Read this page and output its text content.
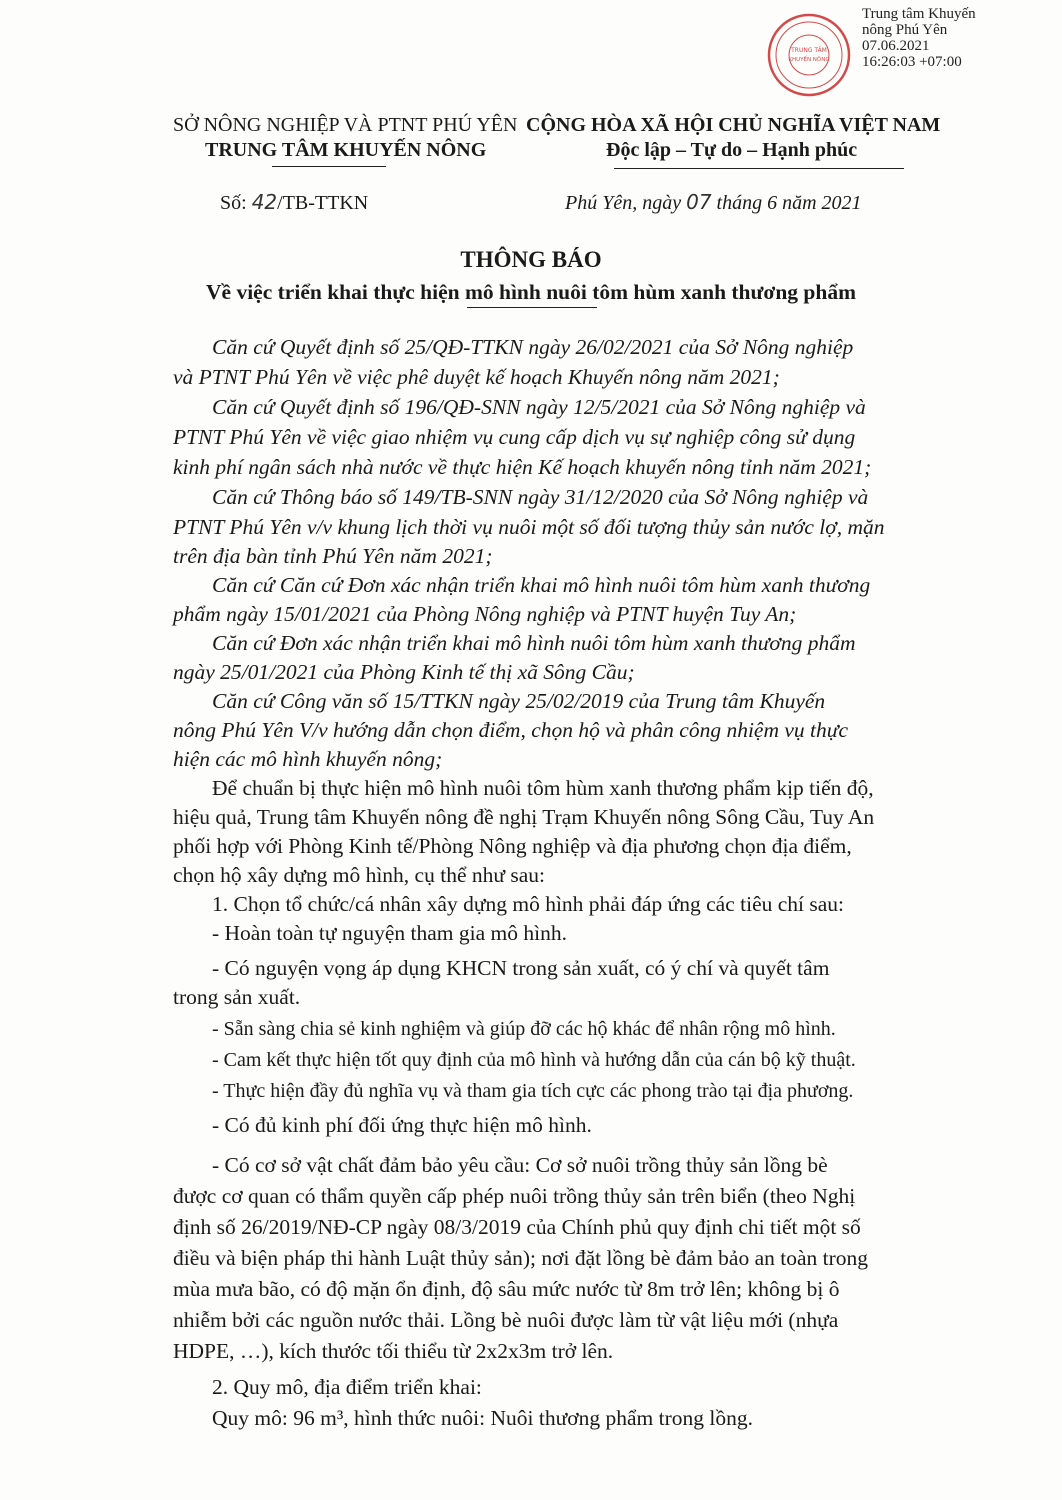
TRUNG TÂM
KHUYẾN NÔNG
Trung tâm Khuyến
nông Phú Yên
07.06.2021
16:26:03 +07:00
SỞ NÔNG NGHIỆP VÀ PTNT PHÚ YÊN CỘNG HÒA XÃ HỘI CHỦ NGHĨA VIỆT NAM
TRUNG TÂM KHUYẾN NÔNG	Độc lập – Tự do – Hạnh phúc
Số: 42/TB-TTKN	Phú Yên, ngày 07 tháng 6 năm 2021
THÔNG BÁO
Về việc triển khai thực hiện mô hình nuôi tôm hùm xanh thương phẩm
Căn cứ Quyết định số 25/QĐ-TTKN ngày 26/02/2021 của Sở Nông nghiệp
và PTNT Phú Yên về việc phê duyệt kế hoạch Khuyến nông năm 2021;
Căn cứ Quyết định số 196/QĐ-SNN ngày 12/5/2021 của Sở Nông nghiệp và
PTNT Phú Yên về việc giao nhiệm vụ cung cấp dịch vụ sự nghiệp công sử dụng
kinh phí ngân sách nhà nước về thực hiện Kế hoạch khuyến nông tỉnh năm 2021;
Căn cứ Thông báo số 149/TB-SNN ngày 31/12/2020 của Sở Nông nghiệp và
PTNT Phú Yên v/v khung lịch thời vụ nuôi một số đối tượng thủy sản nước lợ, mặn
trên địa bàn tỉnh Phú Yên năm 2021;
Căn cứ Căn cứ Đơn xác nhận triển khai mô hình nuôi tôm hùm xanh thương
phẩm ngày 15/01/2021 của Phòng Nông nghiệp và PTNT huyện Tuy An;
Căn cứ Đơn xác nhận triển khai mô hình nuôi tôm hùm xanh thương phẩm
ngày 25/01/2021 của Phòng Kinh tế thị xã Sông Cầu;
Căn cứ Công văn số 15/TTKN ngày 25/02/2019 của Trung tâm Khuyến
nông Phú Yên V/v hướng dẫn chọn điểm, chọn hộ và phân công nhiệm vụ thực
hiện các mô hình khuyến nông;
Để chuẩn bị thực hiện mô hình nuôi tôm hùm xanh thương phẩm kịp tiến độ,
hiệu quả, Trung tâm Khuyến nông đề nghị Trạm Khuyến nông Sông Cầu, Tuy An
phối hợp với Phòng Kinh tế/Phòng Nông nghiệp và địa phương chọn địa điểm,
chọn hộ xây dựng mô hình, cụ thể như sau:
1. Chọn tổ chức/cá nhân xây dựng mô hình phải đáp ứng các tiêu chí sau:
- Hoàn toàn tự nguyện tham gia mô hình.
- Có nguyện vọng áp dụng KHCN trong sản xuất, có ý chí và quyết tâm
trong sản xuất.
- Sẵn sàng chia sẻ kinh nghiệm và giúp đỡ các hộ khác để nhân rộng mô hình.
- Cam kết thực hiện tốt quy định của mô hình và hướng dẫn của cán bộ kỹ thuật.
- Thực hiện đầy đủ nghĩa vụ và tham gia tích cực các phong trào tại địa phương.
- Có đủ kinh phí đối ứng thực hiện mô hình.
- Có cơ sở vật chất đảm bảo yêu cầu: Cơ sở nuôi trồng thủy sản lồng bè
được cơ quan có thẩm quyền cấp phép nuôi trồng thủy sản trên biển (theo Nghị
định số 26/2019/NĐ-CP ngày 08/3/2019 của Chính phủ quy định chi tiết một số
điều và biện pháp thi hành Luật thủy sản); nơi đặt lồng bè đảm bảo an toàn trong
mùa mưa bão, có độ mặn ổn định, độ sâu mức nước từ 8m trở lên; không bị ô
nhiễm bởi các nguồn nước thải. Lồng bè nuôi được làm từ vật liệu mới (nhựa
HDPE, …), kích thước tối thiểu từ 2x2x3m trở lên.
2. Quy mô, địa điểm triển khai:
Quy mô: 96 m³, hình thức nuôi: Nuôi thương phẩm trong lồng.
